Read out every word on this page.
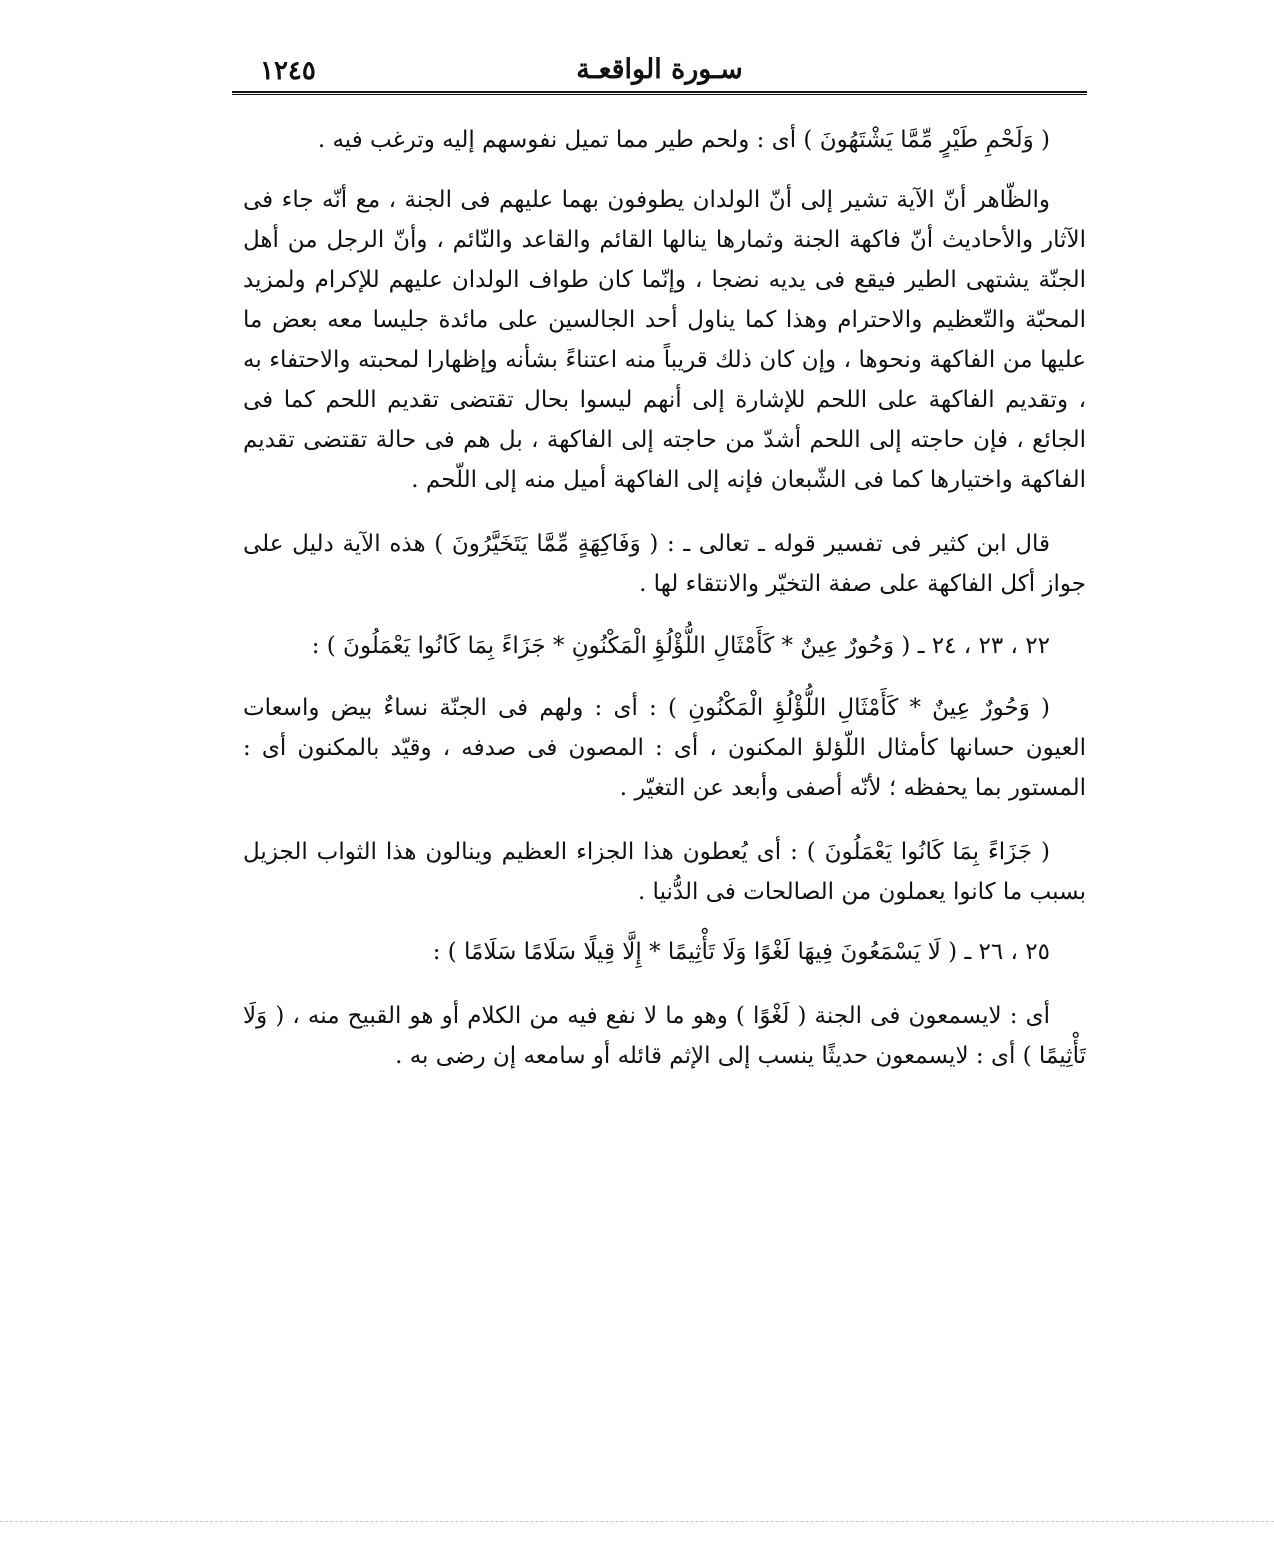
سـورة الواقعـة
١٢٤٥

( وَلَحْمِ طَيْرٍ مِّمَّا يَشْتَهُونَ ) أى : ولحم طير مما تميل نفوسهم إليه وترغب فيه .

والظّاهر أنّ الآية تشير إلى أنّ الولدان يطوفون بهما عليهم فى الجنة ، مع أنّه جاء فى الآثار والأحاديث أنّ فاكهة الجنة وثمارها ينالها القائم والقاعد والنّائم ، وأنّ الرجل من أهل الجنّة يشتهى الطير فيقع فى يديه نضجا ، وإنّما كان طواف الولدان عليهم للإكرام ولمزيد المحبّة والتّعظيم والاحترام وهذا كما يناول أحد الجالسين على مائدة جليسا معه بعض ما عليها من الفاكهة ونحوها ، وإن كان ذلك قريباً منه اعتناءً بشأنه وإظهارا لمحبته والاحتفاء به ، وتقديم الفاكهة على اللحم للإشارة إلى أنهم ليسوا بحال تقتضى تقديم اللحم كما فى الجائع ، فإن حاجته إلى اللحم أشدّ من حاجته إلى الفاكهة ، بل هم فى حالة تقتضى تقديم الفاكهة واختيارها كما فى الشّبعان فإنه إلى الفاكهة أميل منه إلى اللّحم .

قال ابن كثير فى تفسير قوله ـ تعالى ـ : ( وَفَاكِهَةٍ مِّمَّا يَتَخَيَّرُونَ ) هذه الآية دليل على جواز أكل الفاكهة على صفة التخيّر والانتقاء لها .

٢٢ ، ٢٣ ، ٢٤ ـ ( وَحُورٌ عِينٌ * كَأَمْثَالِ اللُّؤْلُؤِ الْمَكْنُونِ * جَزَاءً بِمَا كَانُوا يَعْمَلُونَ ) :

( وَحُورٌ عِينٌ * كَأَمْثَالِ اللُّؤْلُؤِ الْمَكْنُونِ ) : أى : ولهم فى الجنّة نساءٌ بيض واسعات العيون حسانها كأمثال اللّؤلؤ المكنون ، أى : المصون فى صدفه ، وقيّد بالمكنون أى : المستور بما يحفظه ؛ لأنّه أصفى وأبعد عن التغيّر .

( جَزَاءً بِمَا كَانُوا يَعْمَلُونَ ) : أى يُعطون هذا الجزاء العظيم وينالون هذا الثواب الجزيل بسبب ما كانوا يعملون من الصالحات فى الدُّنيا .

٢٥ ، ٢٦ ـ ( لَا يَسْمَعُونَ فِيهَا لَغْوًا وَلَا تَأْثِيمًا * إِلَّا قِيلًا سَلَامًا سَلَامًا ) :

أى : لايسمعون فى الجنة ( لَغْوًا ) وهو ما لا نفع فيه من الكلام أو هو القبيح منه ، ( وَلَا تَأْثِيمًا ) أى : لايسمعون حديثًا ينسب إلى الإثم قائله أو سامعه إن رضى به .
